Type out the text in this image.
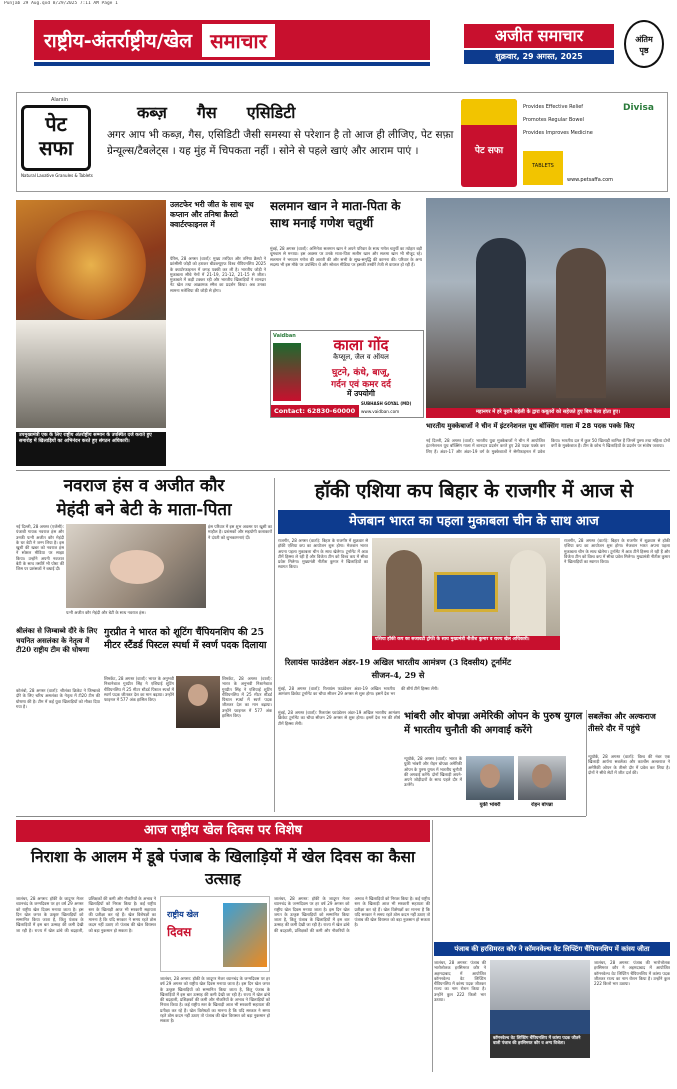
Punjab 29 Aug.qxd 8/29/2025 7:11 AM Page 1
राष्ट्रीय-अंतर्राष्ट्रीय/खेल समाचार	अजीत समाचार
शुक्रवार, 29 अगस्त, 2025
अंतिम
पृष्ठ
Alarsin
पेट
सफा
Natural Laxative Granules & Tablets
कब्ज़ गैस एसिडिटी
अगर आप भी कब्ज़, गैस, एसिडिटी जैसी समस्या से परेशान है तो आज ही लीजिए, पेट सफ़ा ग्रेन्यूल्स/टैबलेट्स । यह मुंह में चिपकता नहीं । सोने से पहले खाएं और आराम पाएं ।	पेट सफा
Provides Effective Relief
Promotes Regular Bowel
Provides Improves Medicine
TABLETS
Divisa
www.petsaffa.com
उपमुख्यमंत्री एक के लिए राष्ट्रीय अंतर्राष्ट्रीय सम्मान के उपस्थित दर्ज कराते हुए समारोह में खिलाड़ियों का अभिनंदन करते हुए संगठन अधिकारी।
उलटफेर भरी जीत के साथ यूथ कप्तान और तनिषा क्रैस्टो क्वार्टरफाइनल में
पेरिस, 28 अगस्त (वार्ता): मुख्य तरफ़ित और तनिषा क्रैस्टो ने फ्रांसीसी जोड़ी को हराकर बीडब्ल्यूएफ विश्व चैंपियनशिप 2025 के क्वार्टरफाइनल में जगह पक्की कर ली है। भारतीय जोड़ी ने मुकाबला सीधे गेमों में 21-19, 21-12, 21-15 से जीता। मुकाबले में कड़ी टक्कर रही और भारतीय खिलाड़ियों ने शानदार नेट खेल तथा आक्रामक स्मैश का प्रदर्शन किया। अब उनका सामना मलेशिया की जोड़ी से होगा।
सलमान खान ने माता-पिता के साथ मनाई गणेश चतुर्थी
मुंबई, 28 अगस्त (वार्ता): अभिनेता सलमान खान ने अपने परिवार के साथ गणेश चतुर्थी का त्योहार बड़ी धूमधाम से मनाया। इस अवसर पर उनके माता-पिता सलीम खान और सलमा खान भी मौजूद रहे। सलमान ने भगवान गणेश की आरती की और सभी के सुख-समृद्धि की कामना की। परिवार के अन्य सदस्य भी इस मौके पर उपस्थित थे और सोशल मीडिया पर इसकी तस्वीरें तेजी से वायरल हो रही हैं।
महानगर में हरे पुराने सहेली के द्वारा कबूतरों को सहेजते हुए बिच मेला होता हुए।
Vaidban	काला गोंद
कैप्सूल, जैल व ऑयल
घुटने, कंधे, बाजू,
गर्दन एवं कमर दर्द
में उपयोगी
Contact: 62830-60000
SUBHASH GOYAL (MD)
www.vaidban.com
भारतीय मुक्केबाजों ने चीन में इंटरनेशनल यूथ बॉक्सिंग गाला में 28 पदक पक्के किए
नई दिल्ली, 28 अगस्त (वार्ता): भारतीय युवा मुक्केबाजों ने चीन में आयोजित इंटरनेशनल यूथ बॉक्सिंग गाला में शानदार प्रदर्शन करते हुए 28 पदक पक्के कर लिए हैं। अंडर-17 और अंडर-19 वर्ग के मुक्केबाजों ने सेमीफाइनल में प्रवेश किया। भारतीय दल में कुल 50 खिलाड़ी शामिल हैं जिनमें पुरुष तथा महिला दोनों वर्गों के मुक्केबाज हैं। टीम के कोच ने खिलाड़ियों के प्रदर्शन पर संतोष जताया।
नवराज हंस व अजीत कौर
मेहंदी बने बेटी के माता-पिता
नई दिल्ली, 28 अगस्त (एजेंसी): पंजाबी गायक नवराज हंस और उनकी पत्नी अजीत कौर मेहंदी के घर बेटी ने जन्म लिया है। इस खुशी की खबर को नवराज हंस ने सोशल मीडिया पर साझा किया। उन्होंने अपनी नवजात बेटी के साथ तस्वीरें भी पोस्ट कीं जिस पर प्रशंसकों ने बधाई दी।
पत्नी अजीत कौर मेहंदी और बेटी के साथ नवराज हंस।
हंस परिवार में इस शुभ अवसर पर खुशी का माहौल है। प्रशंसकों और सहयोगी कलाकारों ने दंपती को शुभकामनाएं दीं।
श्रीलंका से जिम्बाब्वे दौरे के लिए चयनित असलंका के नेतृत्व में टी20 राष्ट्रीय टीम की घोषणा
कोलंबो, 28 अगस्त (वार्ता): श्रीलंका क्रिकेट ने जिम्बाब्वे दौरे के लिए चरिथ असलंका के नेतृत्व में टी20 टीम की घोषणा की है। टीम में कई युवा खिलाड़ियों को मौका दिया गया है।
गुरप्रीत ने भारत को शूटिंग चैंपियनशिप की 25 मीटर स्टैंडर्ड पिस्टल स्पर्धा में स्वर्ण पदक दिलाया
शिमकेंट, 28 अगस्त (वार्ता): भारत के अनुभवी निशानेबाज गुरप्रीत सिंह ने एशियाई शूटिंग चैंपियनशिप में 25 मीटर स्टैंडर्ड पिस्टल स्पर्धा में स्वर्ण पदक जीतकर देश का मान बढ़ाया। उन्होंने फाइनल में 577 अंक हासिल किए।
शिमकेंट, 28 अगस्त (वार्ता): भारत के अनुभवी निशानेबाज गुरप्रीत सिंह ने एशियाई शूटिंग चैंपियनशिप में 25 मीटर स्टैंडर्ड पिस्टल स्पर्धा में स्वर्ण पदक जीतकर देश का मान बढ़ाया। उन्होंने फाइनल में 577 अंक हासिल किए।
हॉकी एशिया कप बिहार के राजगीर में आज से
मेजबान भारत का पहला मुकाबला चीन के साथ आज
राजगीर, 28 अगस्त (वार्ता): बिहार के राजगीर में शुक्रवार से हॉकी एशिया कप का आयोजन शुरू होगा। मेजबान भारत अपना पहला मुकाबला चीन के साथ खेलेगा। टूर्नामेंट में आठ टीमें हिस्सा ले रही हैं और विजेता टीम को विश्व कप में सीधा प्रवेश मिलेगा। मुख्यमंत्री नीतीश कुमार ने खिलाड़ियों का स्वागत किया।
एशिया हॉकी कप का सजावटी ट्रॉफी के साथ मुख्यमंत्री नीतीश कुमार व राज्य खेल अधिकारी।
राजगीर, 28 अगस्त (वार्ता): बिहार के राजगीर में शुक्रवार से हॉकी एशिया कप का आयोजन शुरू होगा। मेजबान भारत अपना पहला मुकाबला चीन के साथ खेलेगा। टूर्नामेंट में आठ टीमें हिस्सा ले रही हैं और विजेता टीम को विश्व कप में सीधा प्रवेश मिलेगा। मुख्यमंत्री नीतीश कुमार ने खिलाड़ियों का स्वागत किया।
रिलायंस फाउंडेशन अंडर-19 अखिल भारतीय आमंत्रण (3 दिवसीय) टूर्नामेंट सीजन-4, 29 से
मुंबई, 28 अगस्त (वार्ता): रिलायंस फाउंडेशन अंडर-19 अखिल भारतीय आमंत्रण क्रिकेट टूर्नामेंट का चौथा सीजन 29 अगस्त से शुरू होगा। इसमें देश भर की शीर्ष टीमें हिस्सा लेंगी।
भांबरी और बोपन्ना अमेरिकी ओपन के पुरुष युगल में भारतीय चुनौती की अगवाई करेंगे
न्यूयॉर्क, 28 अगस्त (वार्ता): भारत के युकी भांबरी और रोहन बोपन्ना अमेरिकी ओपन के पुरुष युगल में भारतीय चुनौती की अगवाई करेंगे। दोनों खिलाड़ी अपने-अपने जोड़ीदारों के साथ पहले दौर में उतरेंगे।
युकी भांबरी	रोहन बोपन्ना
मुंबई, 28 अगस्त (वार्ता): रिलायंस फाउंडेशन अंडर-19 अखिल भारतीय आमंत्रण क्रिकेट टूर्नामेंट का चौथा सीजन 29 अगस्त से शुरू होगा। इसमें देश भर की शीर्ष टीमें हिस्सा लेंगी।
सबलेंका और अल्कराज तीसरे दौर में पहुंचे
न्यूयॉर्क, 28 अगस्त (वार्ता): विश्व की नंबर एक खिलाड़ी आर्यना सबलेंका और कार्लोस अल्कराज ने अमेरिकी ओपन के तीसरे दौर में प्रवेश कर लिया है। दोनों ने सीधे सेटों में जीत दर्ज की।
आज राष्ट्रीय खेल दिवस पर विशेष
निराशा के आलम में डूबे पंजाब के खिलाड़ियों में खेल दिवस का कैसा उत्साह
जालंधर, 28 अगस्त: हॉकी के जादूगर मेजर ध्यानचंद के जन्मदिवस पर हर वर्ष 29 अगस्त को राष्ट्रीय खेल दिवस मनाया जाता है। इस दिन खेल जगत के उत्कृष्ट खिलाड़ियों को सम्मानित किया जाता है, किंतु पंजाब के खिलाड़ियों में इस बार उत्साह की कमी देखी जा रही है। राज्य में खेल ढांचे की बदहाली, प्रशिक्षकों की कमी और नौकरियों के अभाव ने खिलाड़ियों को निराश किया है। कई राष्ट्रीय स्तर के खिलाड़ी आज भी सरकारी सहायता की प्रतीक्षा कर रहे हैं। खेल विशेषज्ञों का मानना है कि यदि सरकार ने समय रहते ठोस कदम नहीं उठाए तो पंजाब की खेल विरासत को बड़ा नुकसान हो सकता है।
राष्ट्रीय खेल
दिवस
जालंधर, 28 अगस्त: हॉकी के जादूगर मेजर ध्यानचंद के जन्मदिवस पर हर वर्ष 29 अगस्त को राष्ट्रीय खेल दिवस मनाया जाता है। इस दिन खेल जगत के उत्कृष्ट खिलाड़ियों को सम्मानित किया जाता है, किंतु पंजाब के खिलाड़ियों में इस बार उत्साह की कमी देखी जा रही है। राज्य में खेल ढांचे की बदहाली, प्रशिक्षकों की कमी और नौकरियों के अभाव ने खिलाड़ियों को निराश किया है। कई राष्ट्रीय स्तर के खिलाड़ी आज भी सरकारी सहायता की प्रतीक्षा कर रहे हैं। खेल विशेषज्ञों का मानना है कि यदि सरकार ने समय रहते ठोस कदम नहीं उठाए तो पंजाब की खेल विरासत को बड़ा नुकसान हो सकता है।
जालंधर, 28 अगस्त: हॉकी के जादूगर मेजर ध्यानचंद के जन्मदिवस पर हर वर्ष 29 अगस्त को राष्ट्रीय खेल दिवस मनाया जाता है। इस दिन खेल जगत के उत्कृष्ट खिलाड़ियों को सम्मानित किया जाता है, किंतु पंजाब के खिलाड़ियों में इस बार उत्साह की कमी देखी जा रही है। राज्य में खेल ढांचे की बदहाली, प्रशिक्षकों की कमी और नौकरियों के अभाव ने खिलाड़ियों को निराश किया है। कई राष्ट्रीय स्तर के खिलाड़ी आज भी सरकारी सहायता की प्रतीक्षा कर रहे हैं। खेल विशेषज्ञों का मानना है कि यदि सरकार ने समय रहते ठोस कदम नहीं उठाए तो पंजाब की खेल विरासत को बड़ा नुकसान हो सकता है।
पंजाब की हरसिमरत कौर ने कॉमनवेल्थ वेट लिफ्टिंग चैंपियनशिप में कांस्य जीता
जालंधर, 28 अगस्त: पंजाब की भारोत्तोलक हरसिमरत कौर ने अहमदाबाद में आयोजित कॉमनवेल्थ वेट लिफ्टिंग चैंपियनशिप में कांस्य पदक जीतकर राज्य का नाम रोशन किया है। उन्होंने कुल 222 किलो भार उठाया।
कॉमनवेल्थ वेट लिफ्टिंग चैंपियनशिप में कांस्य पदक जीतने वाली पंजाब की हरसिमरत कौर व अन्य विजेता।
जालंधर, 28 अगस्त: पंजाब की भारोत्तोलक हरसिमरत कौर ने अहमदाबाद में आयोजित कॉमनवेल्थ वेट लिफ्टिंग चैंपियनशिप में कांस्य पदक जीतकर राज्य का नाम रोशन किया है। उन्होंने कुल 222 किलो भार उठाया।
